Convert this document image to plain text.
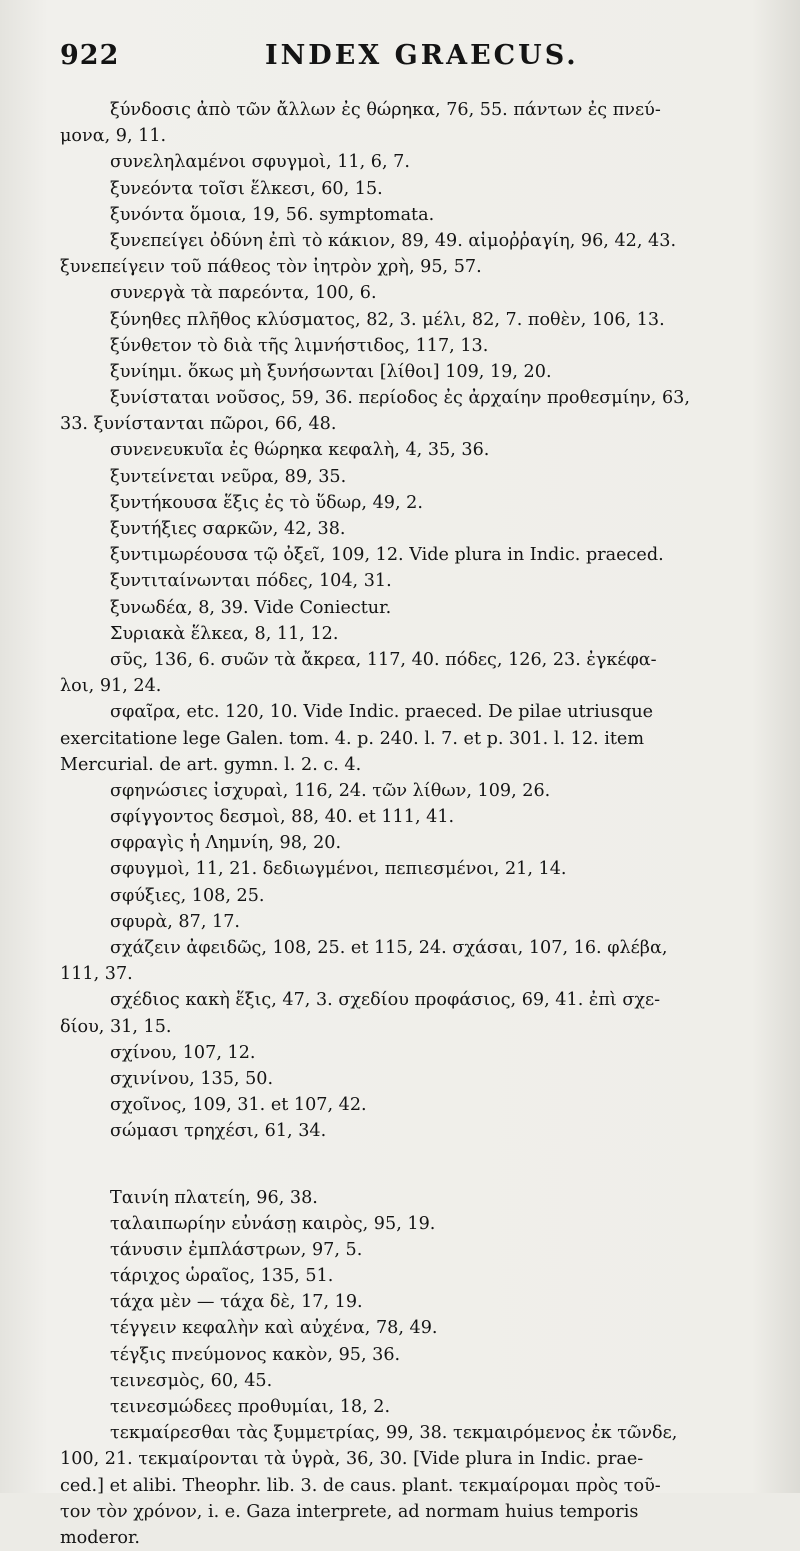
922	INDEX GRAECUS.
ξύνδοσις ἀπὸ τῶν ἄλλων ἐς θώρηκα, 76, 55. πάντων ἐς πνεύ-
μονα, 9, 11.
συνεληλαμένοι σφυγμοὶ, 11, 6, 7.
ξυνεόντα τοῖσι ἕλκεσι, 60, 15.
ξυνόντα ὅμοια, 19, 56. symptomata.
ξυνεπείγει ὀδύνη ἐπὶ τὸ κάκιον, 89, 49. αἱμοῤῥαγίη, 96, 42, 43.
ξυνεπείγειν τοῦ πάθεος τὸν ἰητρὸν χρὴ, 95, 57.
συνεργὰ τὰ παρεόντα, 100, 6.
ξύνηθες πλῆθος κλύσματος, 82, 3. μέλι, 82, 7. ποθὲν, 106, 13.
ξύνθετον τὸ διὰ τῆς λιμνήστιδος, 117, 13.
ξυνίημι. ὅκως μὴ ξυνήσωνται [λίθοι] 109, 19, 20.
ξυνίσταται νοῦσος, 59, 36. περίοδος ἐς ἀρχαίην προθεσμίην, 63,
33. ξυνίστανται πῶροι, 66, 48.
συνενευκυῖα ἐς θώρηκα κεφαλὴ, 4, 35, 36.
ξυντείνεται νεῦρα, 89, 35.
ξυντήκουσα ἕξις ἐς τὸ ὕδωρ, 49, 2.
ξυντήξιες σαρκῶν, 42, 38.
ξυντιμωρέουσα τῷ ὀξεῖ, 109, 12. Vide plura in Indic. praeced.
ξυντιταίνωνται πόδες, 104, 31.
ξυνωδέα, 8, 39. Vide Coniectur.
Συριακὰ ἕλκεα, 8, 11, 12.
σῦς, 136, 6. συῶν τὰ ἄκρεα, 117, 40. πόδες, 126, 23. ἐγκέφα-
λοι, 91, 24.
σφαῖρα, etc. 120, 10. Vide Indic. praeced. De pilae utriusque
exercitatione lege Galen. tom. 4. p. 240. l. 7. et p. 301. l. 12. item
Mercurial. de art. gymn. l. 2. c. 4.
σφηνώσιες ἰσχυραὶ, 116, 24. τῶν λίθων, 109, 26.
σφίγγοντος δεσμοὶ, 88, 40. et 111, 41.
σφραγὶς ἡ Λημνίη, 98, 20.
σφυγμοὶ, 11, 21. δεδιωγμένοι, πεπιεσμένοι, 21, 14.
σφύξιες, 108, 25.
σφυρὰ, 87, 17.
σχάζειν ἀφειδῶς, 108, 25. et 115, 24. σχάσαι, 107, 16. φλέβα,
111, 37.
σχέδιος κακὴ ἕξις, 47, 3. σχεδίου προφάσιος, 69, 41. ἐπὶ σχε-
δίου, 31, 15.
σχίνου, 107, 12.
σχινίνου, 135, 50.
σχοῖνος, 109, 31. et 107, 42.
σώμασι τρηχέσι, 61, 34.
Ταινίη πλατείη, 96, 38.
ταλαιπωρίην εὐνάσῃ καιρὸς, 95, 19.
τάνυσιν ἐμπλάστρων, 97, 5.
τάριχος ὡραῖος, 135, 51.
τάχα μὲν — τάχα δὲ, 17, 19.
τέγγειν κεφαλὴν καὶ αὐχένα, 78, 49.
τέγξις πνεύμονος κακὸν, 95, 36.
τεινεσμὸς, 60, 45.
τεινεσμώδεες προθυμίαι, 18, 2.
τεκμαίρεσθαι τὰς ξυμμετρίας, 99, 38. τεκμαιρόμενος ἐκ τῶνδε,
100, 21. τεκμαίρονται τὰ ὑγρὰ, 36, 30. [Vide plura in Indic. prae-
ced.] et alibi. Theophr. lib. 3. de caus. plant. τεκμαίρομαι πρὸς τοῦ-
τον τὸν χρόνον, i. e. Gaza interprete, ad normam huius temporis
moderor.
